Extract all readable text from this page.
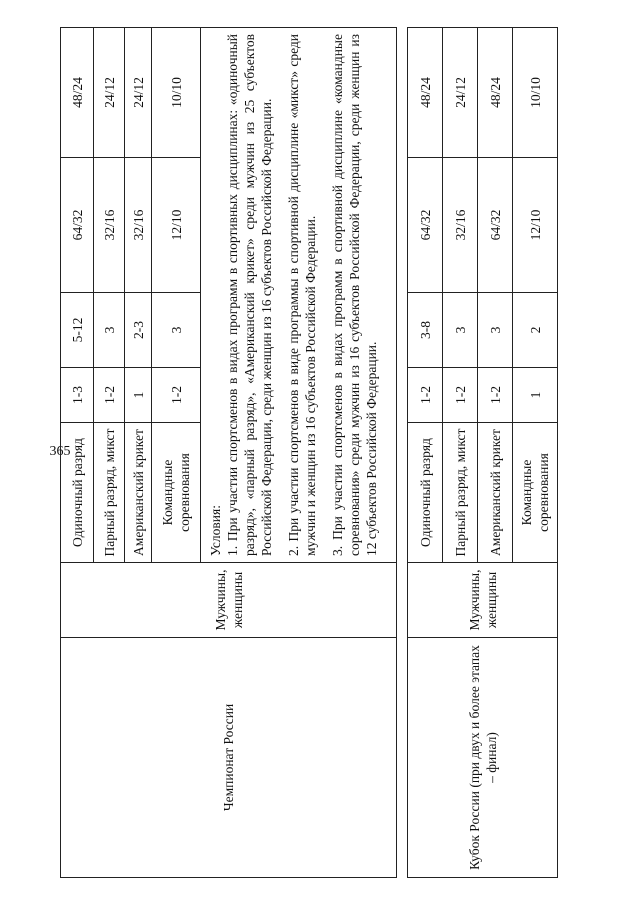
365
Чемпионат России	Мужчины, женщины	Одиночный разряд	1-3	5-12	64/32	48/24
		Парный разряд, микст	1-2	3	32/16	24/12
		Американский крикет	1	2-3	32/16	24/12
		Командные соревнования	1-2	3	12/10	10/10

		Условия: 1. При участии спортсменов в видах программ в спортивных дисциплинах: «одиночный разряд», «парный разряд», «Американский крикет» среди мужчин из 25 субъектов Российской Федерации, среди женщин из 16 субъектов Российской Федерации. 2. При участии спортсменов в виде программы в спортивной дисциплине «микст» среди мужчин и женщин из 16 субъектов Российской Федерации. 3. При участии спортсменов в видах программ в спортивной дисциплине «командные соревнования» среди мужчин из 16 субъектов Российской Федерации, среди женщин из 12 субъектов Российской Федерации.				

Кубок России (при двух и более этапах – финал)	Мужчины, женщины	Одиночный разряд	1-2	3-8	64/32	48/24
		Парный разряд, микст	1-2	3	32/16	24/12
		Американский крикет	1-2	3	64/32	48/24
		Командные соревнования	1	2	12/10	10/10
